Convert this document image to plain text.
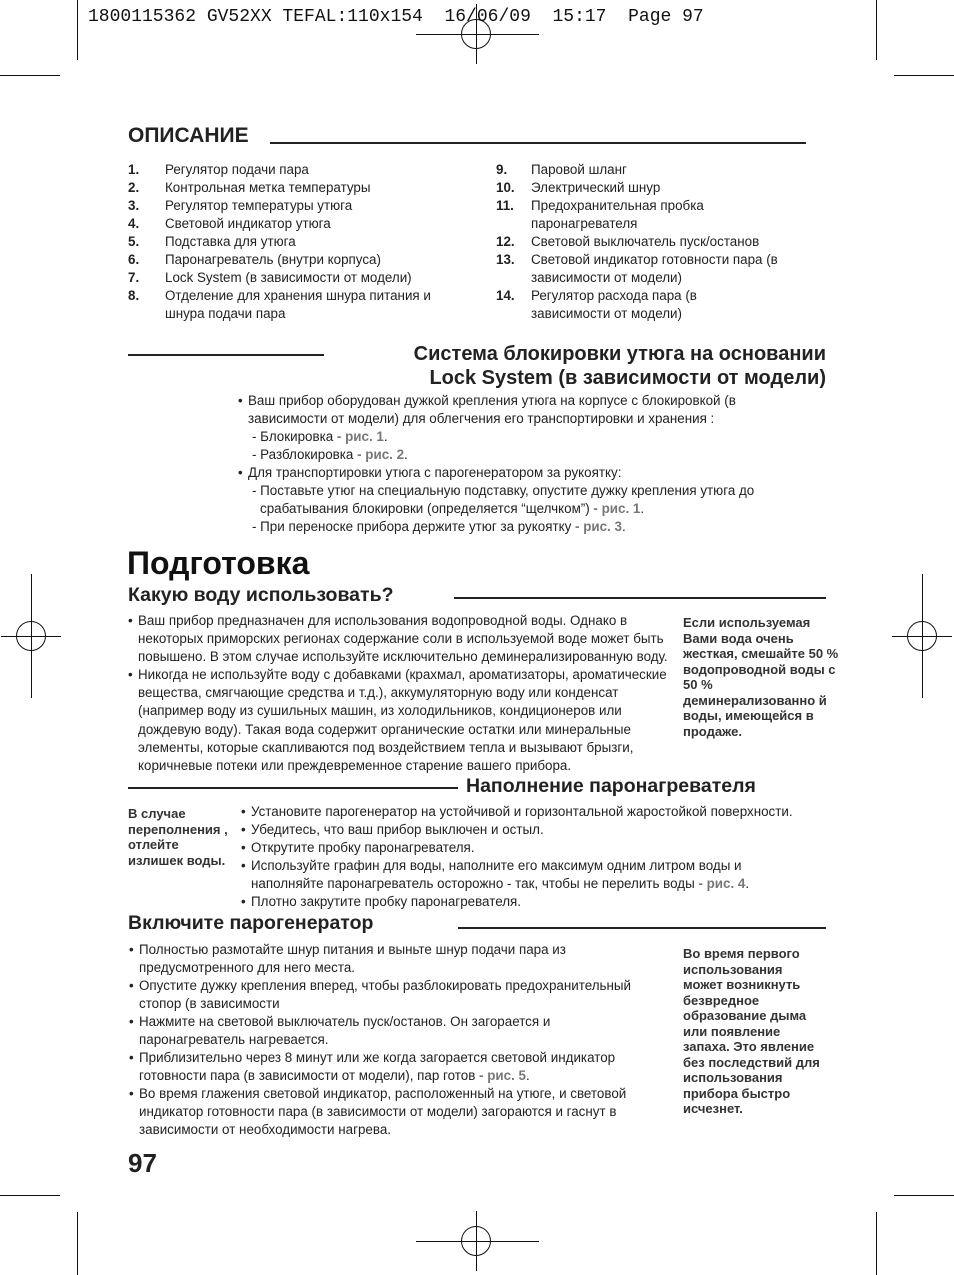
1800115362 GV52XX TEFAL:110x154  16/06/09  15:17  Page 97
ОПИСАНИЕ
1. Регулятор подачи пара
2. Контрольная метка температуры
3. Регулятор температуры утюга
4. Световой индикатор утюга
5. Подставка для утюга
6. Парoнагреватель (внутри корпуса)
7. Lock System (в зависимости от модели)
8. Отделение для хранения шнура питания и шнура подачи пара
9. Паровой шланг
10. Электрический шнур
11. Предохранительная пробка парoнагревателя
12. Световой выключатель пуск/останов
13. Световой индикатор готовности пара (в зависимости от модели)
14. Регулятор расхода пара (в зависимости от модели)
Система блокировки утюга на основании
Lock System (в зависимости от модели)
• Ваш прибор оборудован дужкой крепления утюга на корпусе с блокировкой (в зависимости от модели) для облегчения его транспортировки и хранения :
- Блокировка - рис. 1.
- Разблокировка - рис. 2.
• Для транспортировки утюга с парогенератором за рукоятку:
- Поставьте утюг на специальную подставку, опустите дужку крепления утюга до срабатывания блокировки (определяется “щелчком”) - рис. 1.
- При переноске прибора держите утюг за рукоятку - рис. 3.
Подготовка
Какую воду использовать?
• Ваш прибор предназначен для использования водопроводной воды. Однако в некоторых приморских регионах содержание соли в используемой воде может быть повышено. В этом случае используйте исключительно деминерализированную воду.
• Никогда не используйте воду с добавками (крахмал, ароматизаторы, ароматические вещества, смягчающие средства и т.д.), аккумуляторную воду или конденсат (например воду из сушильных машин, из холодильников, кондиционеров или дождевую воду). Такая вода содержит органические остатки или минеральные элементы, которые скапливаются под воздействием тепла и вызывают брызги, коричневые потеки или преждевременное старение вашего прибора.
Если используемая Вами вода очень жесткая, смешайте 50 % водопроводной воды с 50 % деминерализованно й воды, имеющейся в продаже.
Наполнение паронагревателя
В случае переполнения , отлейте излишек воды.
• Установите парогенератор на устойчивой и горизонтальной жаростойкой поверхности.
• Убедитесь, что ваш прибор выключен и остыл.
• Открутите пробку паронагревателя.
• Используйте графин для воды, наполните его максимум одним литром воды и наполняйте паронагреватель осторожно - так, чтобы не перелить воды - рис. 4.
• Плотно закрутите пробку паронагревателя.
Включите парогенератор
• Полностью размотайте шнур питания и выньте шнур подачи пара из предусмотренного для него места.
• Опустите дужку крепления вперед, чтобы разблокировать предохранительный стопор (в зависимости
• Нажмите на световой выключатель пуск/останов. Он загорается и паронагреватель нагревается.
• Приблизительно через 8 минут или же когда загорается световой индикатор готовности пара (в зависимости от модели), пар готов - рис. 5.
• Во время глажения световой индикатор, расположенный на утюге, и световой индикатор готовности пара (в зависимости от модели) загораются и гаснут в зависимости от необходимости нагрева.
Во время первого использования может возникнуть безвредное образование дыма или появление запаха. Это явление без последствий для использования прибора быстро исчезнет.
97
